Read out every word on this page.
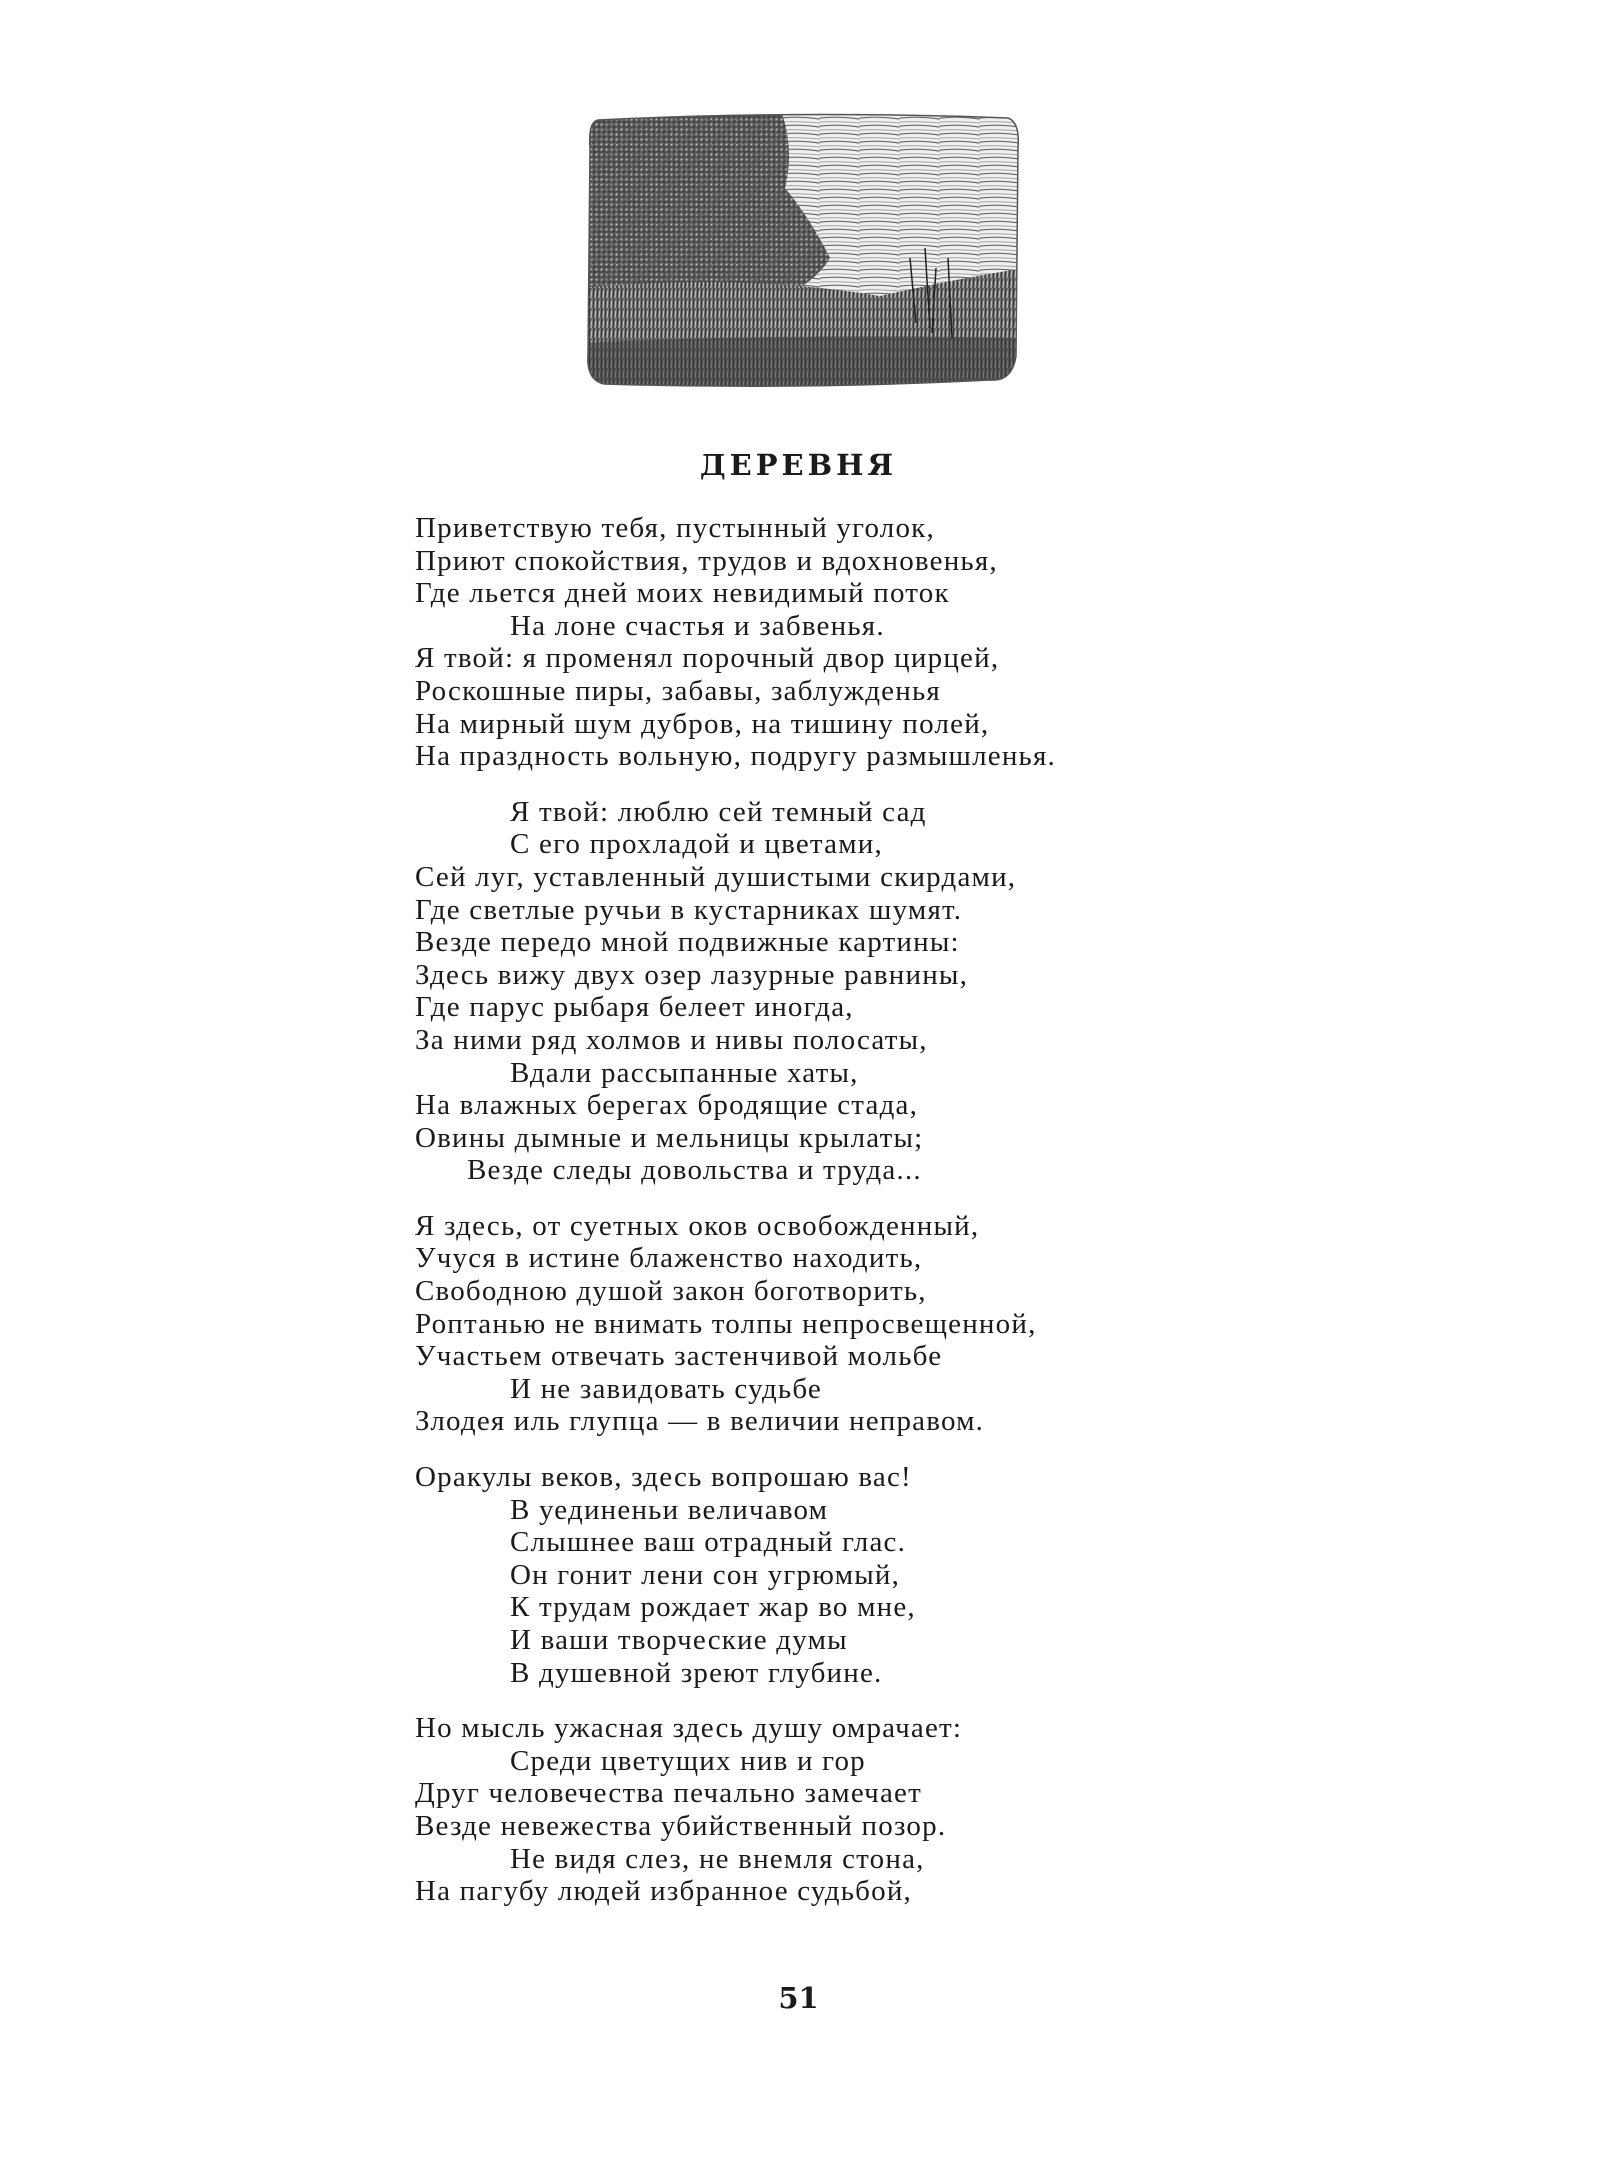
ДЕРЕВНЯ
Приветствую тебя, пустынный уголок,
Приют спокойствия, трудов и вдохновенья,
Где льется дней моих невидимый поток
На лоне счастья и забвенья.
Я твой: я променял порочный двор цирцей,
Роскошные пиры, забавы, заблужденья
На мирный шум дубров, на тишину полей,
На праздность вольную, подругу размышленья.
Я твой: люблю сей темный сад
С его прохладой и цветами,
Сей луг, уставленный душистыми скирдами,
Где светлые ручьи в кустарниках шумят.
Везде передо мной подвижные картины:
Здесь вижу двух озер лазурные равнины,
Где парус рыбаря белеет иногда,
За ними ряд холмов и нивы полосаты,
Вдали рассыпанные хаты,
На влажных берегах бродящие стада,
Овины дымные и мельницы крылаты;
Везде следы довольства и труда...
Я здесь, от суетных оков освобожденный,
Учуся в истине блаженство находить,
Свободною душой закон боготворить,
Роптанью не внимать толпы непросвещенной,
Участьем отвечать застенчивой мольбе
И не завидовать судьбе
Злодея иль глупца — в величии неправом.
Оракулы веков, здесь вопрошаю вас!
В уединеньи величавом
Слышнее ваш отрадный глас.
Он гонит лени сон угрюмый,
К трудам рождает жар во мне,
И ваши творческие думы
В душевной зреют глубине.
Но мысль ужасная здесь душу омрачает:
Среди цветущих нив и гор
Друг человечества печально замечает
Везде невежества убийственный позор.
Не видя слез, не внемля стона,
На пагубу людей избранное судьбой,
51
